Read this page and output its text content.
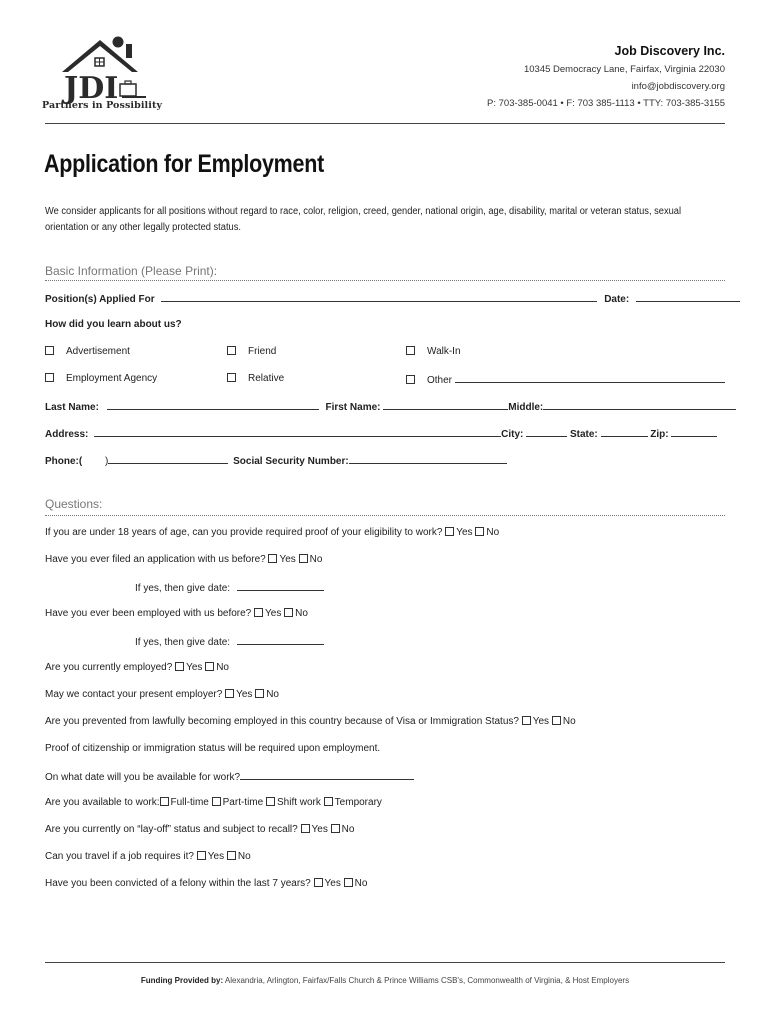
JDI
Partners in Possibility
Job Discovery Inc.
10345 Democracy Lane, Fairfax, Virginia 22030
info@jobdiscovery.org
P: 703-385-0041 • F: 703 385-1113 • TTY: 703-385-3155
Application for Employment
We consider applicants for all positions without regard to race, color, religion, creed, gender, national origin, age, disability, marital or veteran status, sexual orientation or any other legally protected status.
Basic Information (Please Print):
Position(s) Applied For	Date:
How did you learn about us?
Advertisement	Friend	Walk-In
Employment Agency	Relative	Other
Last Name:	First Name:	Middle:
Address:	City:	State:	Zip:
Phone:( )	Social Security Number:
Questions:
If you are under 18 years of age, can you provide required proof of your eligibility to work? Yes No
Have you ever filed an application with us before? Yes No
If yes, then give date:
Have you ever been employed with us before? Yes No
If yes, then give date:
Are you currently employed? Yes No
May we contact your present employer? Yes No
Are you prevented from lawfully becoming employed in this country because of Visa or Immigration Status? Yes No
Proof of citizenship or immigration status will be required upon employment.
On what date will you be available for work?
Are you available to work: Full-time Part-time Shift work Temporary
Are you currently on “lay-off” status and subject to recall? Yes No
Can you travel if a job requires it? Yes No
Have you been convicted of a felony within the last 7 years? Yes No
Funding Provided by: Alexandria, Arlington, Fairfax/Falls Church & Prince Williams CSB's, Commonwealth of Virginia, & Host Employers
